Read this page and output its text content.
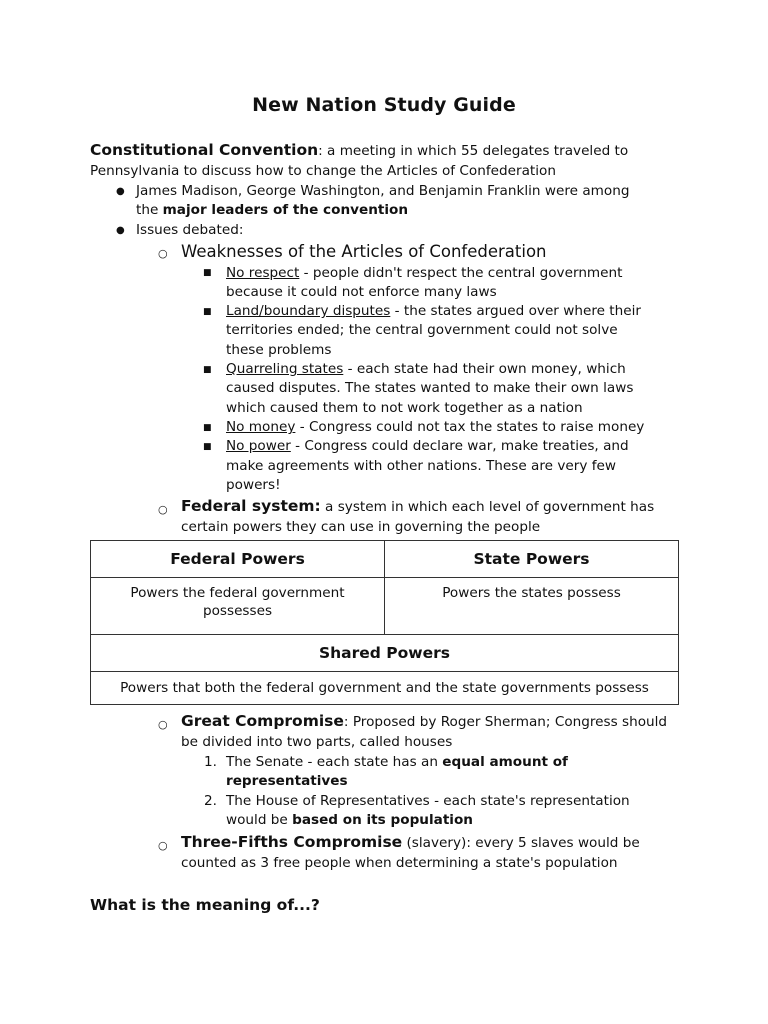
New Nation Study Guide
Constitutional Convention: a meeting in which 55 delegates traveled to
Pennsylvania to discuss how to change the Articles of Confederation
● James Madison, George Washington, and Benjamin Franklin were among
the major leaders of the convention
● Issues debated:
○ Weaknesses of the Articles of Confederation
■ No respect - people didn't respect the central government
because it could not enforce many laws
■ Land/boundary disputes - the states argued over where their
territories ended; the central government could not solve
these problems
■ Quarreling states - each state had their own money, which
caused disputes. The states wanted to make their own laws
which caused them to not work together as a nation
■ No money - Congress could not tax the states to raise money
■ No power - Congress could declare war, make treaties, and
make agreements with other nations. These are very few
powers!
○ Federal system: a system in which each level of government has
certain powers they can use in governing the people
Federal Powers	State Powers
Powers the federal government possesses	Powers the states possess
Shared Powers	
Powers that both the federal government and the state governments possess	
○ Great Compromise: Proposed by Roger Sherman; Congress should
be divided into two parts, called houses
1. The Senate - each state has an equal amount of
representatives
2. The House of Representatives - each state's representation
would be based on its population
○ Three-Fifths Compromise (slavery): every 5 slaves would be
counted as 3 free people when determining a state's population
What is the meaning of...?
